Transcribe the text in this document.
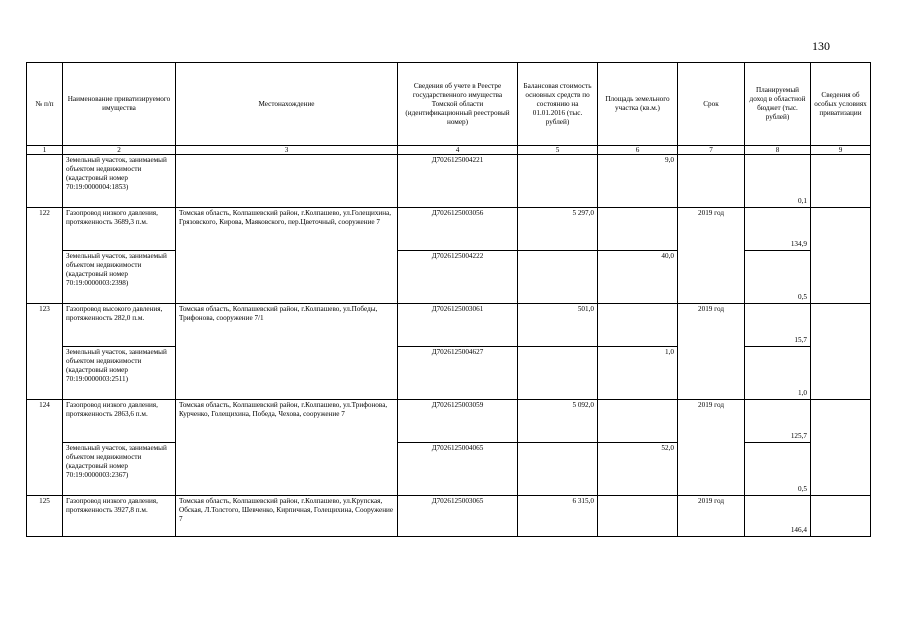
130
№ п/п	Наименование приватизируемого имущества	Местонахождение	Сведения об учете в Реестре государственного имущества Томской области (идентификационный реестровый номер)	Балансовая стоимость основных средств по состоянию на 01.01.2016 (тыс. рублей)	Площадь земельного участка (кв.м.)	Срок	Планируемый доход в областной бюджет (тыс. рублей)	Сведения об особых условиях приватизации
1	2	3	4	5	6	7	8	9
	Земельный участок, занимаемый объектом недвижимости (кадастровый номер 70:19:0000004:1853)		Д7026125004221		9,0		0,1	
122	Газопровод низкого давления, протяженность 3689,3 п.м.	Томская область, Колпашевский район, г.Колпашево, ул.Голещихина, Грязовского, Кирова, Маяковского, пер.Цветочный, сооружение 7	Д7026125003056	5 297,0		2019 год	134,9	
	Земельный участок, занимаемый объектом недвижимости (кадастровый номер 70:19:0000003:2398)		Д7026125004222		40,0		0,5	
123	Газопровод высокого давления, протяженность 282,0 п.м.	Томская область, Колпашевский район, г.Колпашево, ул.Победы, Трифонова, сооружение 7/1	Д7026125003061	501,0		2019 год	15,7	
	Земельный участок, занимаемый объектом недвижимости (кадастровый номер 70:19:0000003:2511)		Д7026125004627		1,0		1,0	
124	Газопровод низкого давления, протяженность 2863,6 п.м.	Томская область, Колпашевский район, г.Колпашево, ул.Трифонова, Курченко, Голещихина, Победа, Чехова, сооружение 7	Д7026125003059	5 092,0		2019 год	125,7	
	Земельный участок, занимаемый объектом недвижимости (кадастровый номер 70:19:0000003:2367)		Д7026125004065		52,0		0,5	
125	Газопровод низкого давления, протяженность 3927,8 п.м.	Томская область, Колпашевский район, г.Колпашево, ул.Крупская, Обская, Л.Толстого, Шевченко, Кирпичная, Голещихина, Сооружение 7	Д7026125003065	6 315,0		2019 год	146,4	
